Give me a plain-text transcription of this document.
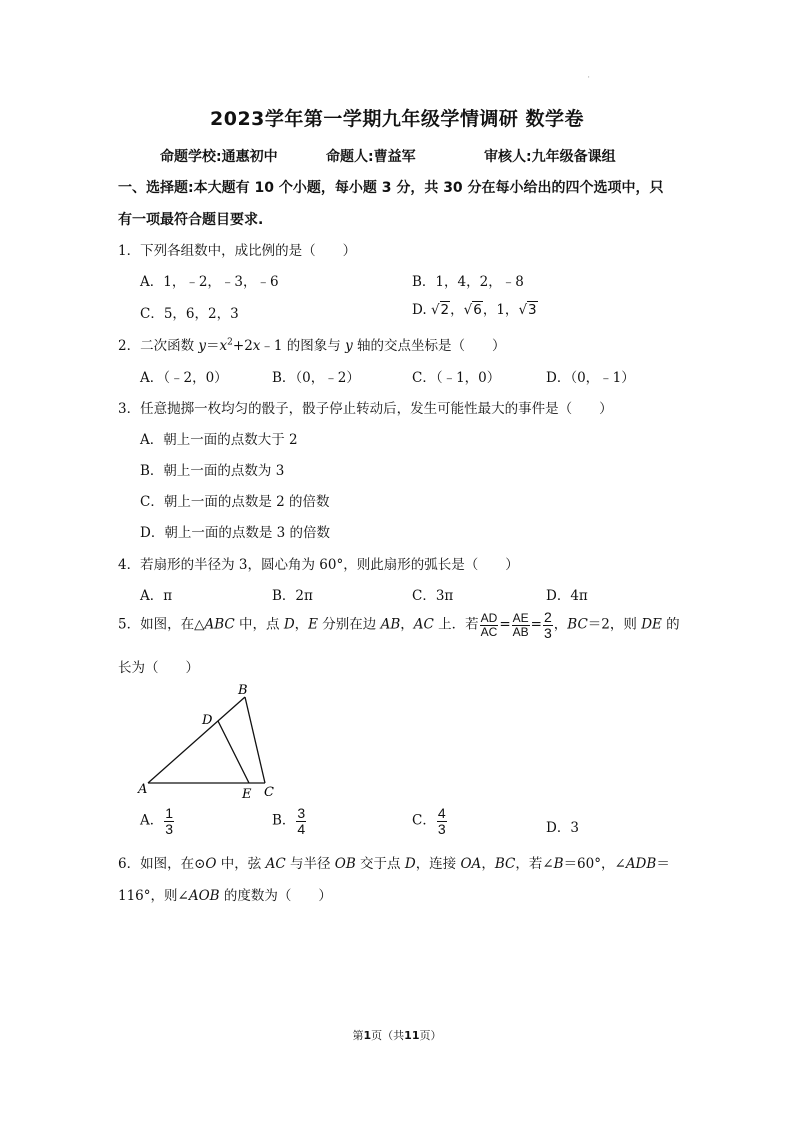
'
2023学年第一学期九年级学情调研 数学卷
命题学校:通惠初中	命题人:曹益军	审核人:九年级备课组
一、选择题:本大题有 10 个小题，每小题 3 分，共 30 分在每小给出的四个选项中，只
有一项最符合题目要求.
1．下列各组数中，成比例的是（　　）
A．1，﹣2，﹣3，﹣6	B．1，4，2，﹣8
C．5，6，2，3	D. √2，√6，1，√3
2．二次函数 $y=x^2+2x﹣1$ 的图象与 y 轴的交点坐标是（　　）
A．（﹣2，0）	B．（0，﹣2）	C．（﹣1，0）	D．（0，﹣1）
3．任意抛掷一枚均匀的骰子，骰子停止转动后，发生可能性最大的事件是（　　）
A．朝上一面的点数大于 2
B．朝上一面的点数为 3
C．朝上一面的点数是 2 的倍数
D．朝上一面的点数是 3 的倍数
4．若扇形的半径为 3，圆心角为 60°，则此扇形的弧长是（　　）
A．π	B．2π	C．3π	D．4π
5．如图，在△ABC 中，点 D，E 分别在边 AB，AC 上．若 $\frac{AD}{AC} = \frac{AE}{AB} = \frac{2}{3}$ ，BC＝2，则 DE 的
长为（　　）
A
B
C
D
E
A． $\frac{1}{3}$	B． $\frac{3}{4}$	C． $\frac{4}{3}$	D．3
6．如图，在⊙O 中，弦 AC 与半径 OB 交于点 D，连接 OA，BC，若∠B＝60°，∠ADB＝
116°，则∠AOB 的度数为（　　）
第1页（共11页）
